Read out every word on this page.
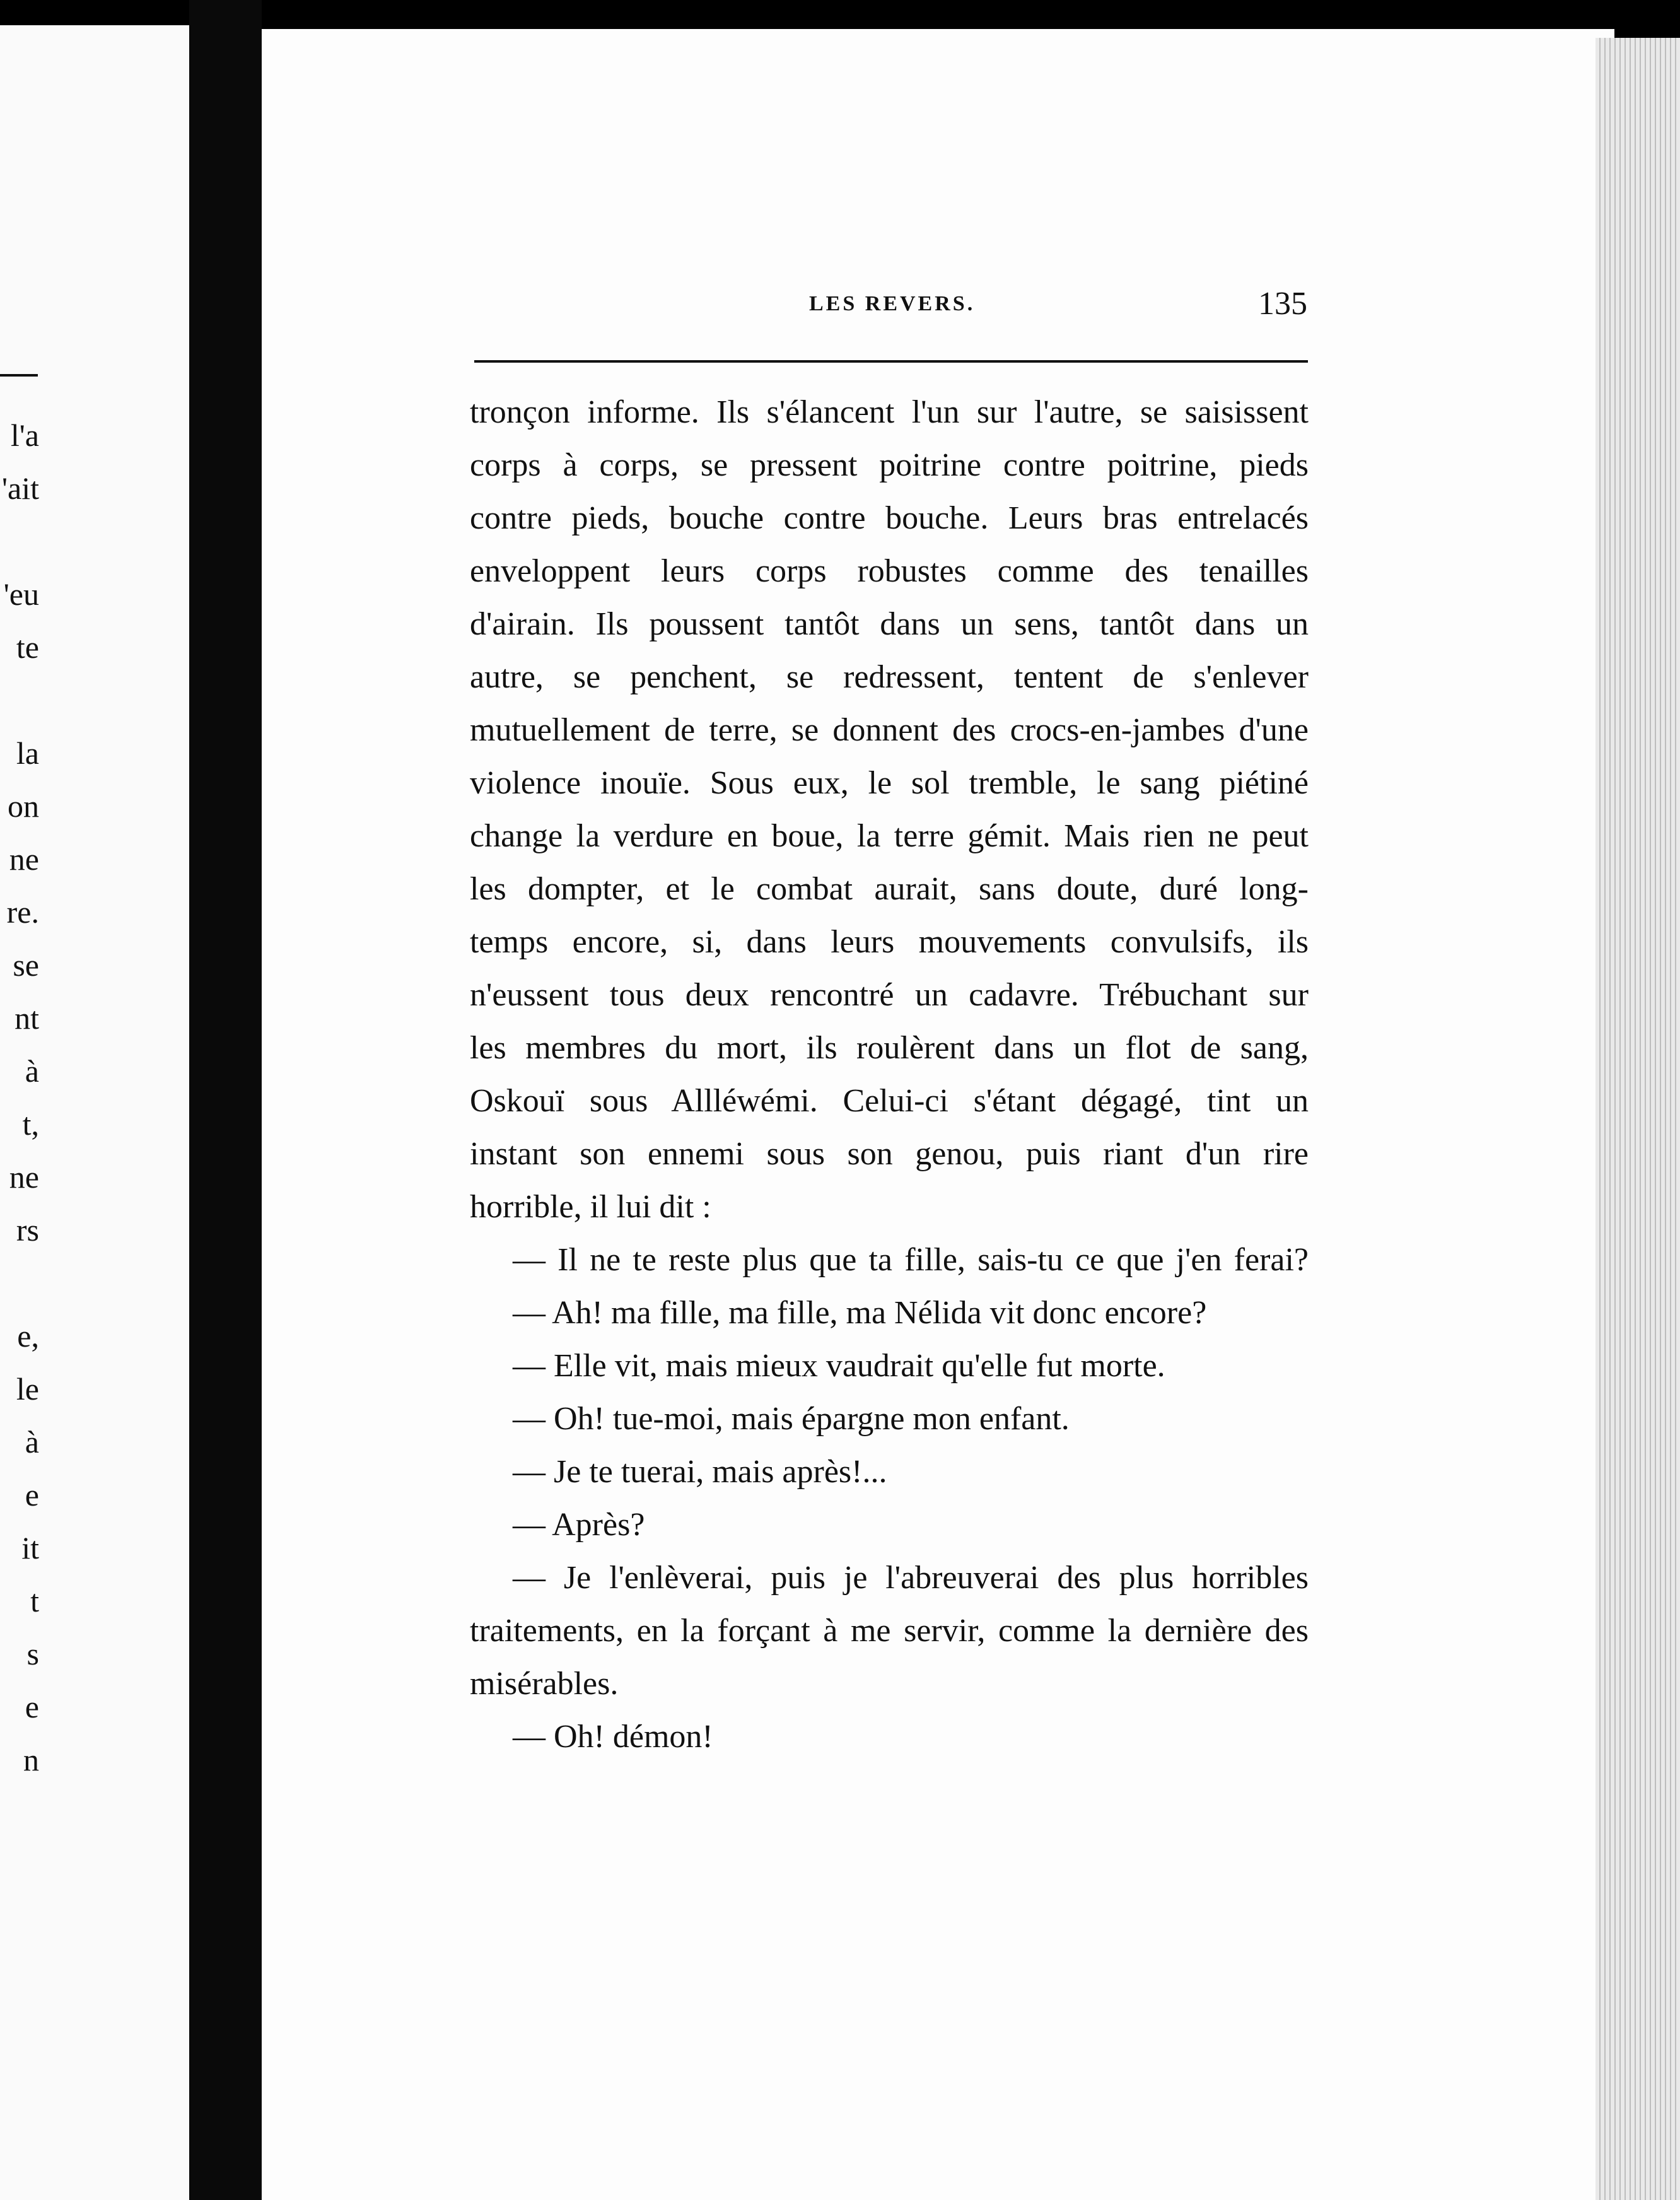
l'a
'ait
'eu
te
la
on
ne
re.
se
nt
à
t,
ne
rs
e,
le
à
e
it
t
s
e
n
LES REVERS.	135
tronçon informe. Ils s'élancent l'un sur l'autre, se saisissent
corps à corps, se pressent poitrine contre poitrine, pieds
contre pieds, bouche contre bouche. Leurs bras entrelacés
enveloppent leurs corps robustes comme des tenailles
d'airain. Ils poussent tantôt dans un sens, tantôt dans un
autre, se penchent, se redressent, tentent de s'enlever
mutuellement de terre, se donnent des crocs-en-jambes d'une
violence inouïe. Sous eux, le sol tremble, le sang piétiné
change la verdure en boue, la terre gémit. Mais rien ne peut
les dompter, et le combat aurait, sans doute, duré long-
temps encore, si, dans leurs mouvements convulsifs, ils
n'eussent tous deux rencontré un cadavre. Trébuchant sur
les membres du mort, ils roulèrent dans un flot de sang,
Oskouï sous Allléwémi. Celui-ci s'étant dégagé, tint un
instant son ennemi sous son genou, puis riant d'un rire
horrible, il lui dit :
— Il ne te reste plus que ta fille, sais-tu ce que j'en ferai?
— Ah! ma fille, ma fille, ma Nélida vit donc encore?
— Elle vit, mais mieux vaudrait qu'elle fut morte.
— Oh! tue-moi, mais épargne mon enfant.
— Je te tuerai, mais après!...
— Après?
— Je l'enlèverai, puis je l'abreuverai des plus horribles
traitements, en la forçant à me servir, comme la dernière des
misérables.
— Oh! démon!
